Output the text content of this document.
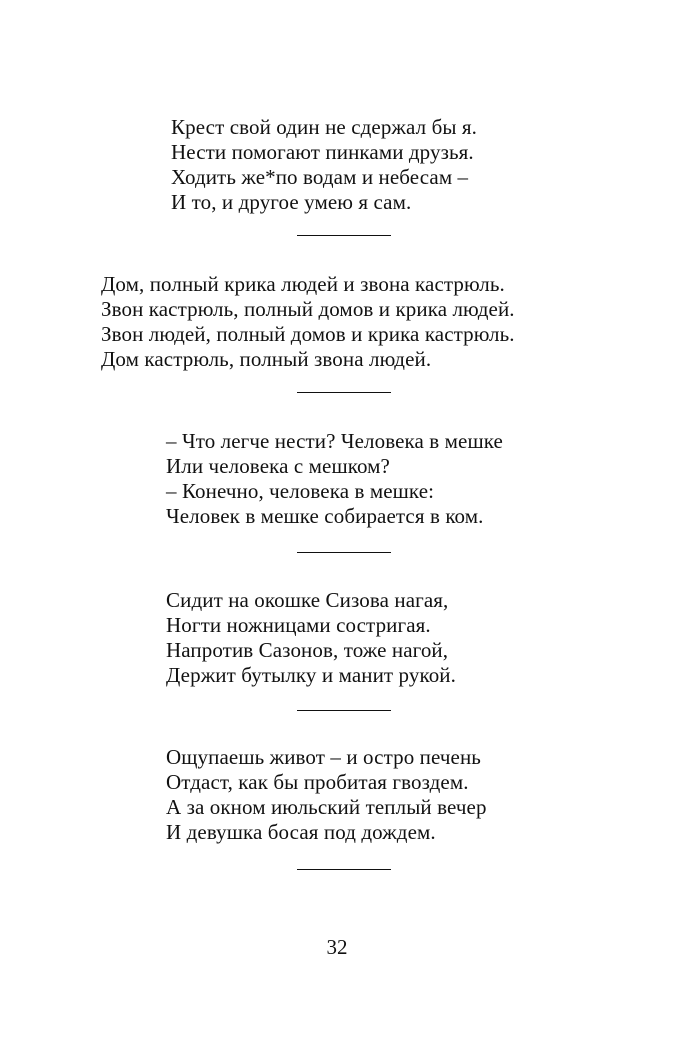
Крест свой один не сдержал бы я.
Нести помогают пинками друзья.
Ходить же*по водам и небесам –
И то, и другое умею я сам.
Дом, полный крика людей и звона кастрюль.
Звон кастрюль, полный домов и крика людей.
Звон людей, полный домов и крика кастрюль.
Дом кастрюль, полный звона людей.
– Что легче нести? Человека в мешке
Или человека с мешком?
– Конечно, человека в мешке:
Человек в мешке собирается в ком.
Сидит на окошке Сизова нагая,
Ногти ножницами состригая.
Напротив Сазонов, тоже нагой,
Держит бутылку и манит рукой.
Ощупаешь живот – и остро печень
Отдаст, как бы пробитая гвоздем.
А за окном июльский теплый вечер
И девушка босая под дождем.
32
